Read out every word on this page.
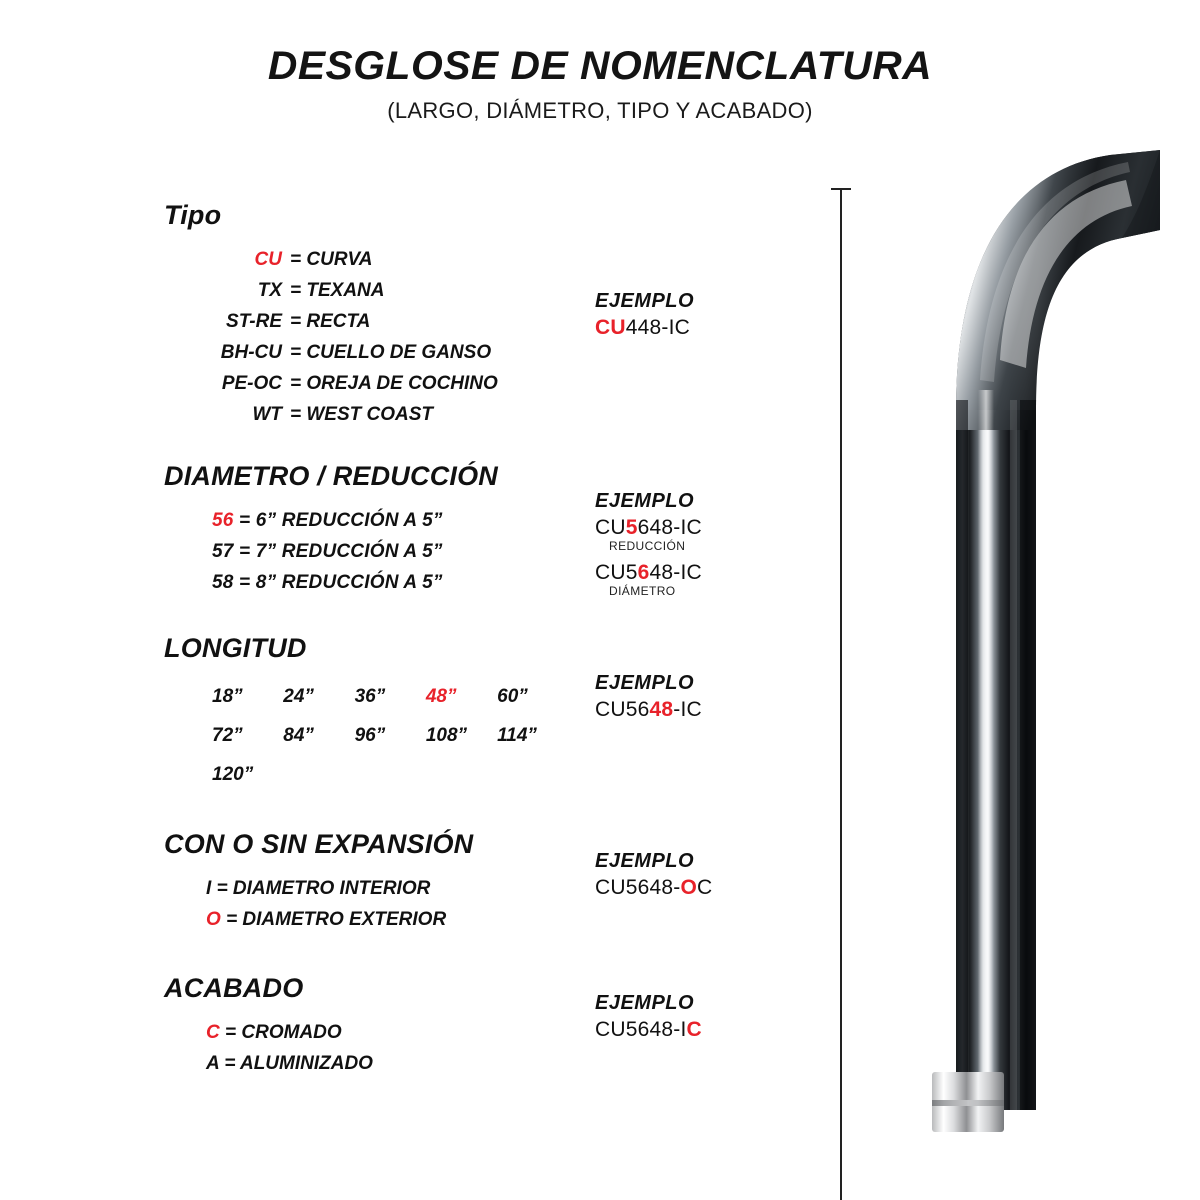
DESGLOSE DE NOMENCLATURA
(LARGO, DIÁMETRO, TIPO Y ACABADO)
Tipo
CU = CURVA
TX = TEXANA
ST-RE = RECTA
BH-CU = CUELLO DE GANSO
PE-OC = OREJA DE COCHINO
WT = WEST COAST
DIAMETRO / REDUCCIÓN
56 = 6” REDUCCIÓN A 5”
57 = 7” REDUCCIÓN A 5”
58 = 8” REDUCCIÓN A 5”
LONGITUD
18” 24” 36” 48” 60”
72” 84” 96” 108” 114”
120”
CON O SIN EXPANSIÓN
I = DIAMETRO INTERIOR
O = DIAMETRO EXTERIOR
ACABADO
C = CROMADO
A = ALUMINIZADO
EJEMPLO
CU448-IC
EJEMPLO
CU5648-IC
REDUCCIÓN
CU5648-IC
DIÁMETRO
EJEMPLO
CU5648-IC
EJEMPLO
CU5648-OC
EJEMPLO
CU5648-IC
